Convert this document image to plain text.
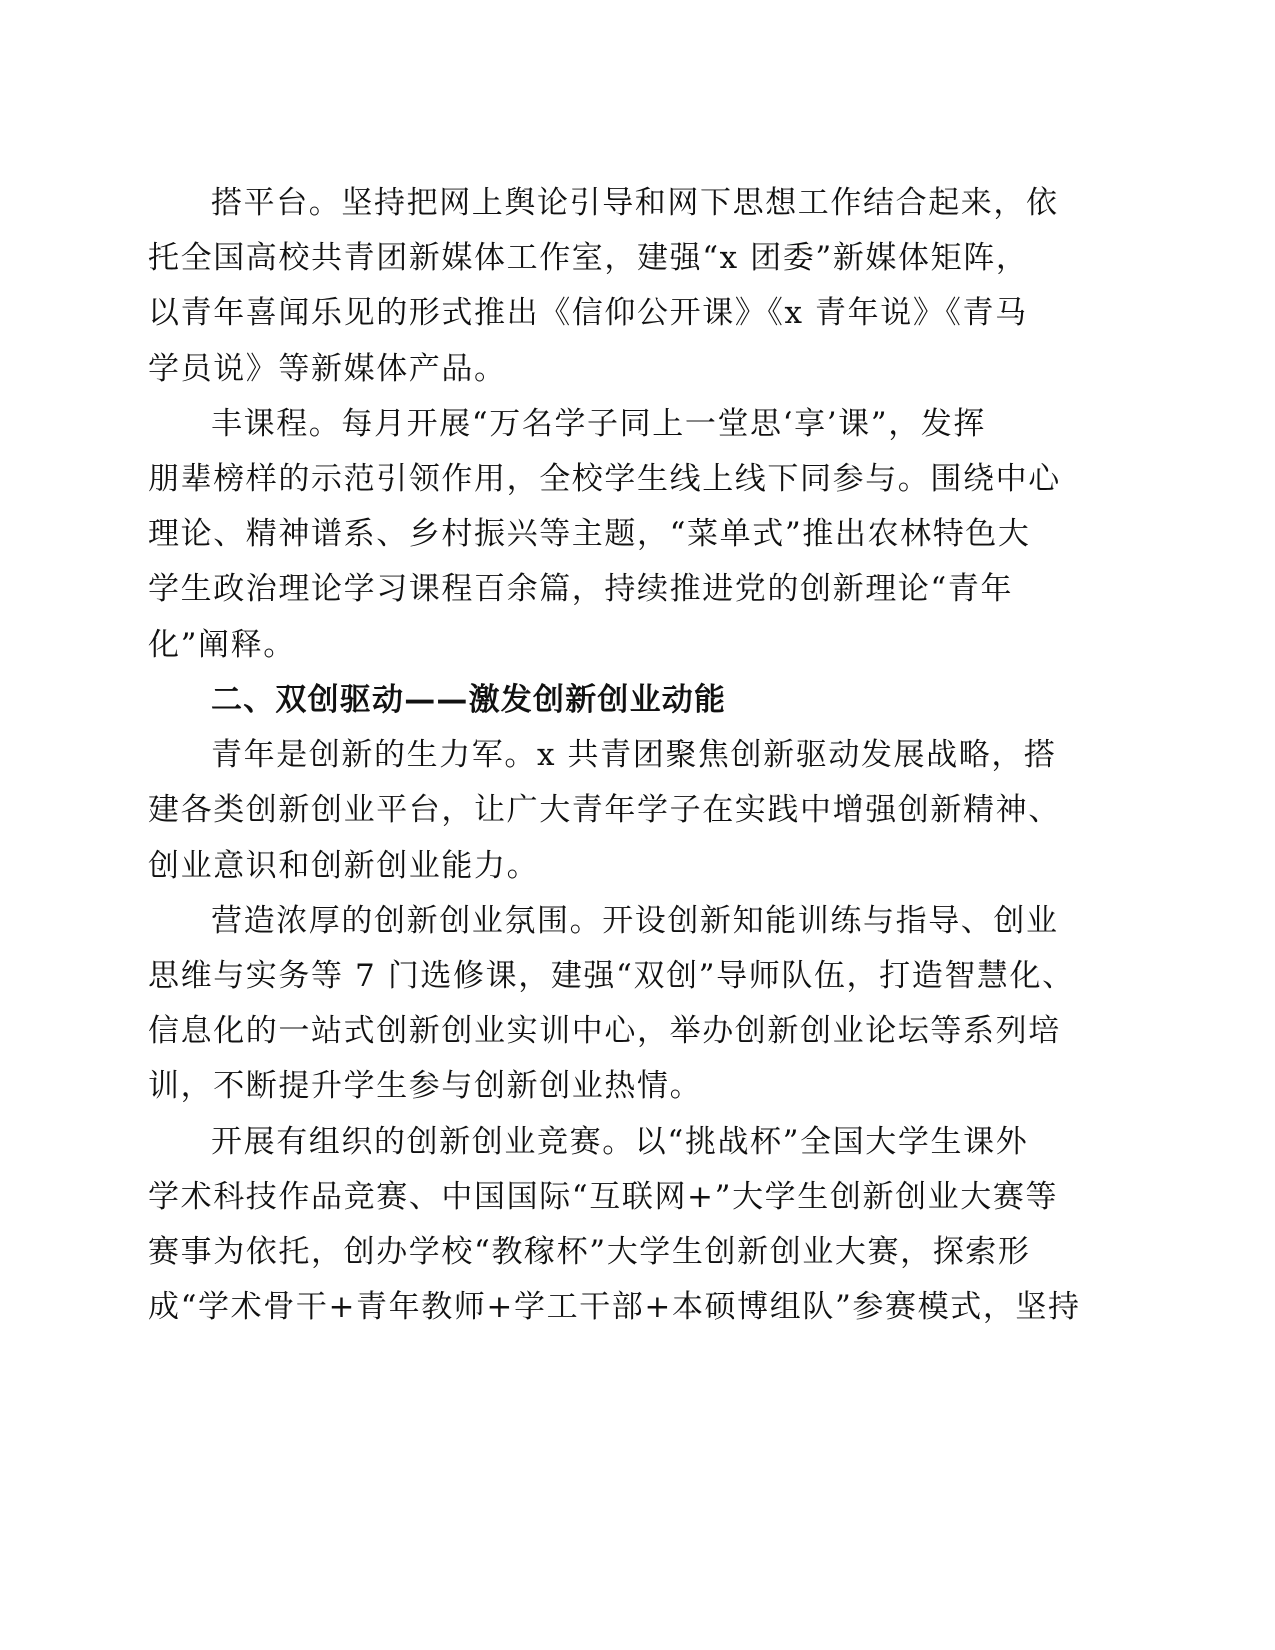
搭平台。坚持把网上舆论引导和网下思想工作结合起来，依
托全国高校共青团新媒体工作室，建强“x 团委”新媒体矩阵，
以青年喜闻乐见的形式推出《信仰公开课》《x 青年说》《青马
学员说》等新媒体产品。
丰课程。每月开展“万名学子同上一堂思‘享’课”，发挥
朋辈榜样的示范引领作用，全校学生线上线下同参与。围绕中心
理论、精神谱系、乡村振兴等主题，“菜单式”推出农林特色大
学生政治理论学习课程百余篇，持续推进党的创新理论“青年
化”阐释。
二、双创驱动——激发创新创业动能
青年是创新的生力军。x 共青团聚焦创新驱动发展战略，搭
建各类创新创业平台，让广大青年学子在实践中增强创新精神、
创业意识和创新创业能力。
营造浓厚的创新创业氛围。开设创新知能训练与指导、创业
思维与实务等 7 门选修课，建强“双创”导师队伍，打造智慧化、
信息化的一站式创新创业实训中心，举办创新创业论坛等系列培
训，不断提升学生参与创新创业热情。
开展有组织的创新创业竞赛。以“挑战杯”全国大学生课外
学术科技作品竞赛、中国国际“互联网+”大学生创新创业大赛等
赛事为依托，创办学校“教稼杯”大学生创新创业大赛，探索形
成“学术骨干+青年教师+学工干部+本硕博组队”参赛模式，坚持
